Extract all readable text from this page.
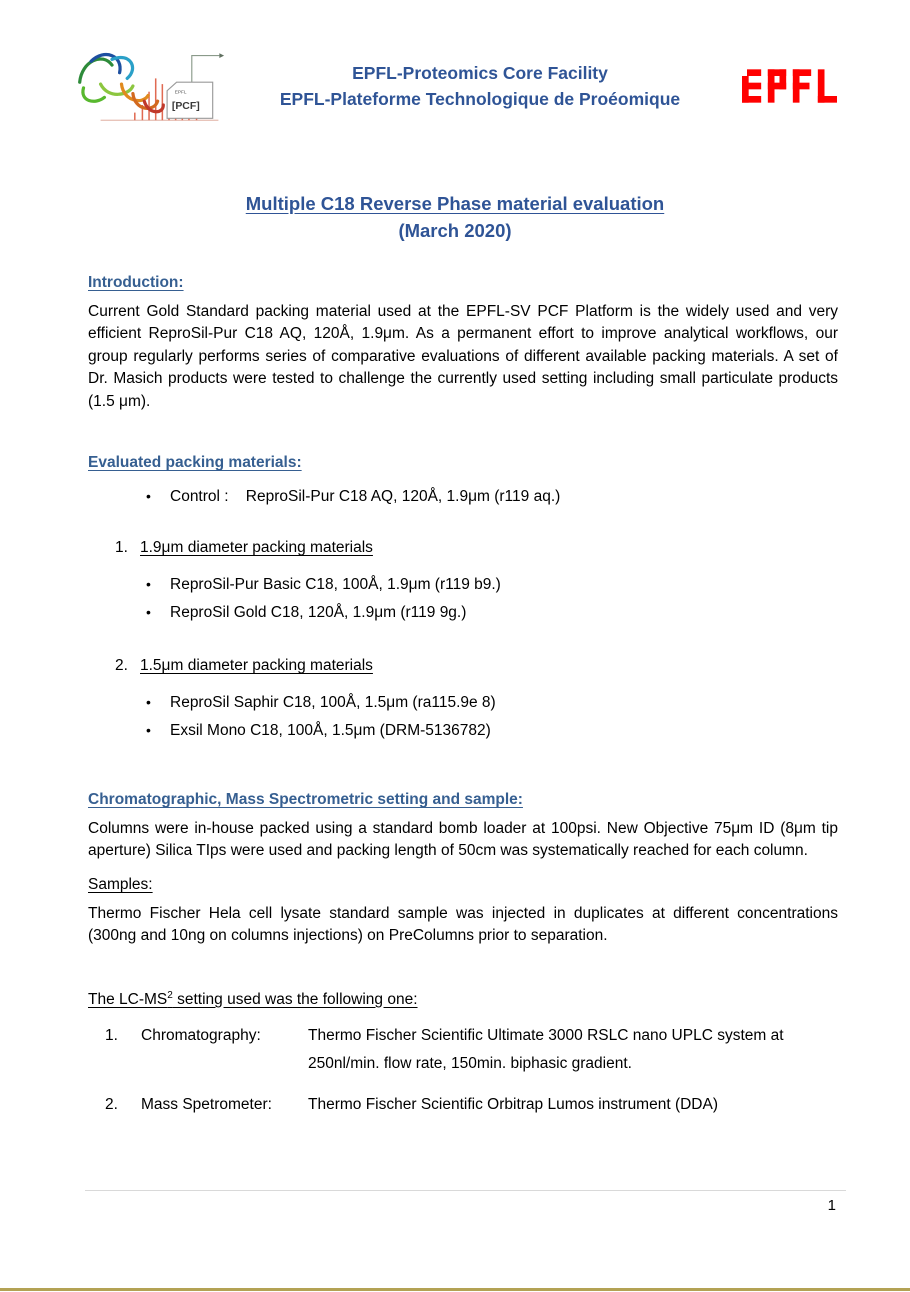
EPFL
[PCF]
EPFL-Proteomics Core Facility
EPFL-Plateforme Technologique de Proéomique
Multiple C18 Reverse Phase material evaluation
(March 2020)
Introduction:

Current Gold Standard packing material used at the EPFL-SV PCF Platform is the widely used and very efficient ReproSil-Pur C18 AQ, 120Å, 1.9μm. As a permanent effort to improve analytical workflows, our group regularly performs series of comparative evaluations of different available packing materials. A set of Dr. Masich products were tested to challenge the currently used setting including small particulate products (1.5 μm).

Evaluated packing materials:
•	Control :    ReproSil-Pur C18 AQ, 120Å, 1.9μm (r119 aq.)
1. 1.9μm diameter packing materials
•	ReproSil-Pur Basic C18, 100Å, 1.9μm (r119 b9.)
•	ReproSil Gold C18, 120Å, 1.9μm (r119 9g.)
2. 1.5μm diameter packing materials
•	ReproSil Saphir C18, 100Å, 1.5μm (ra115.9e 8)
•	Exsil Mono C18, 100Å, 1.5μm (DRM-5136782)
Chromatographic, Mass Spectrometric setting and sample:

Columns were in-house packed using a standard bomb loader at 100psi. New Objective 75μm ID (8μm tip aperture) Silica TIps were used and packing length of 50cm was systematically reached for each column.

Samples:

Thermo Fischer Hela cell lysate standard sample was injected in duplicates at different concentrations (300ng and 10ng on columns injections) on PreColumns prior to separation.

The $LC-MS^2$ setting used was the following one:
1.	Chromatography:	Thermo Fischer Scientific Ultimate 3000 RSLC nano UPLC system at 250nl/min. flow rate, 150min. biphasic gradient.
2.	Mass Spetrometer:	Thermo Fischer Scientific Orbitrap Lumos instrument (DDA)
1
